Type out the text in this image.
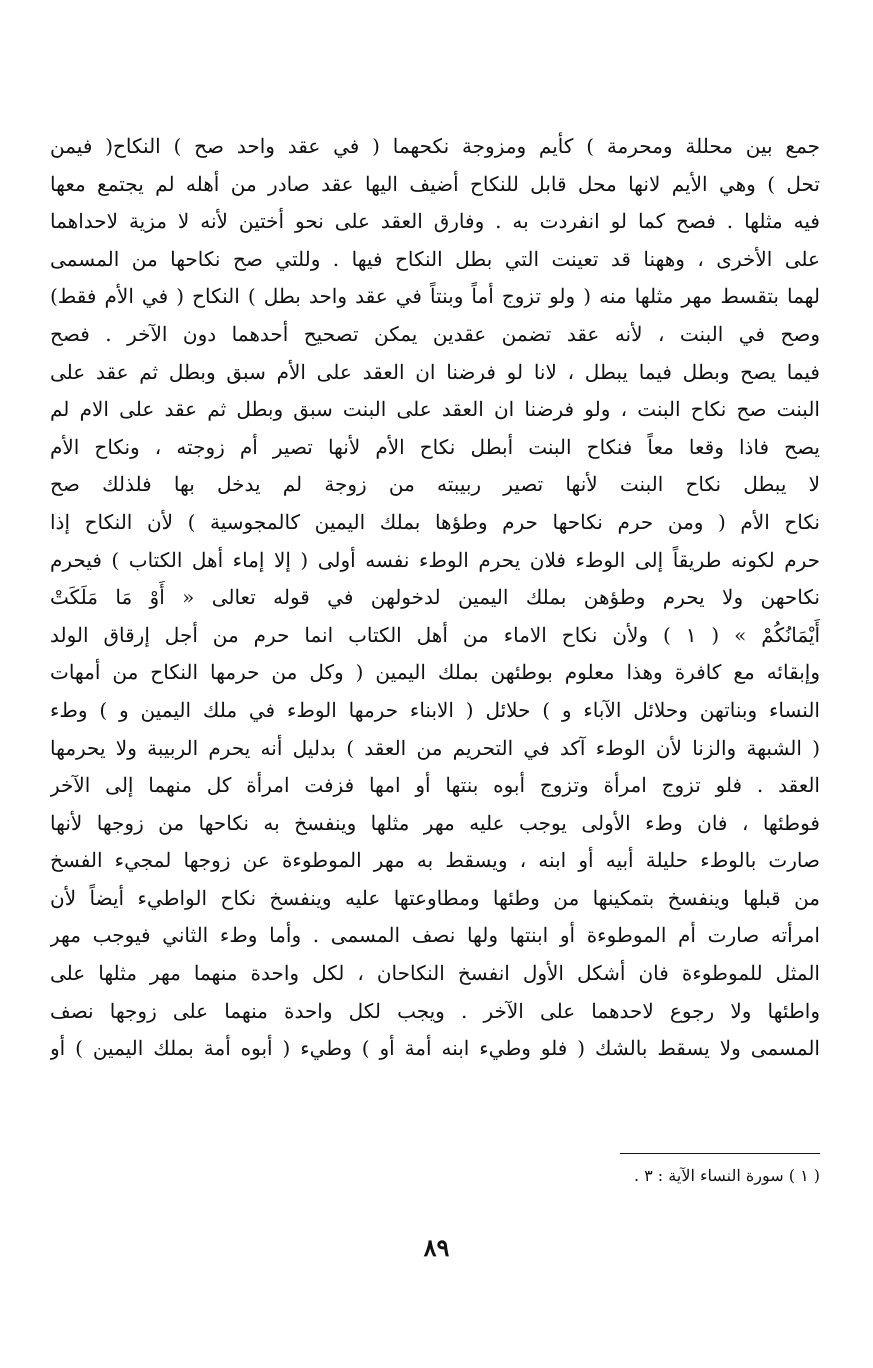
جمع بين محللة ومحرمة ) كأيم ومزوجة نكحهما ( في عقد واحد صح ) النكاح( فيمن
تحل ) وهي الأيم لانها محل قابل للنكاح أضيف اليها عقد صادر من أهله لم يجتمع معها
فيه مثلها . فصح كما لو انفردت به . وفارق العقد على نحو أختين لأنه لا مزية لاحداهما
على الأخرى ، وههنا قد تعينت التي بطل النكاح فيها . وللتي صح نكاحها من المسمى
لهما بتقسط مهر مثلها منه ( ولو تزوج أماً وبنتاً في عقد واحد بطل ) النكاح ( في الأم فقط)
وصح في البنت ، لأنه عقد تضمن عقدين يمكن تصحيح أحدهما دون الآخر . فصح
فيما يصح وبطل فيما يبطل ، لانا لو فرضنا ان العقد على الأم سبق وبطل ثم عقد على
البنت صح نكاح البنت ، ولو فرضنا ان العقد على البنت سبق وبطل ثم عقد على الام لم
يصح فاذا وقعا معاً فنكاح البنت أبطل نكاح الأم لأنها تصير أم زوجته ، ونكاح الأم
لا يبطل نكاح البنت لأنها تصير ربيبته من زوجة لم يدخل بها فلذلك صح
نكاح الأم ( ومن حرم نكاحها حرم وطؤها بملك اليمين كالمجوسية ) لأن النكاح إذا
حرم لكونه طريقاً إلى الوطء فلان يحرم الوطء نفسه أولى ( إلا إماء أهل الكتاب ) فيحرم
نكاحهن ولا يحرم وطؤهن بملك اليمين لدخولهن في قوله تعالى « أَوْ مَا مَلَكَتْ
أَيْمَانُكُمْ » ( ١ ) ولأن نكاح الاماء من أهل الكتاب انما حرم من أجل إرقاق الولد
وإبقائه مع كافرة وهذا معلوم بوطئهن بملك اليمين ( وكل من حرمها النكاح من أمهات
النساء وبناتهن وحلائل الآباء و ) حلائل ( الابناء حرمها الوطء في ملك اليمين و ) وطء
( الشبهة والزنا لأن الوطء آكد في التحريم من العقد ) بدليل أنه يحرم الربيبة ولا يحرمها
العقد . فلو تزوج امرأة وتزوج أبوه بنتها أو امها فزفت امرأة كل منهما إلى الآخر
فوطئها ، فان وطء الأولى يوجب عليه مهر مثلها وينفسخ به نكاحها من زوجها لأنها
صارت بالوطء حليلة أبيه أو ابنه ، ويسقط به مهر الموطوءة عن زوجها لمجيء الفسخ
من قبلها وينفسخ بتمكينها من وطئها ومطاوعتها عليه وينفسخ نكاح الواطيء أيضاً لأن
امرأته صارت أم الموطوءة أو ابنتها ولها نصف المسمى . وأما وطء الثاني فيوجب مهر
المثل للموطوءة فان أشكل الأول انفسخ النكاحان ، لكل واحدة منهما مهر مثلها على
واطئها ولا رجوع لاحدهما على الآخر . ويجب لكل واحدة منهما على زوجها نصف
المسمى ولا يسقط بالشك ( فلو وطيء ابنه أمة أو ) وطيء ( أبوه أمة بملك اليمين ) أو
( ١ ) سورة النساء الآية : ٣ .
٨٩
